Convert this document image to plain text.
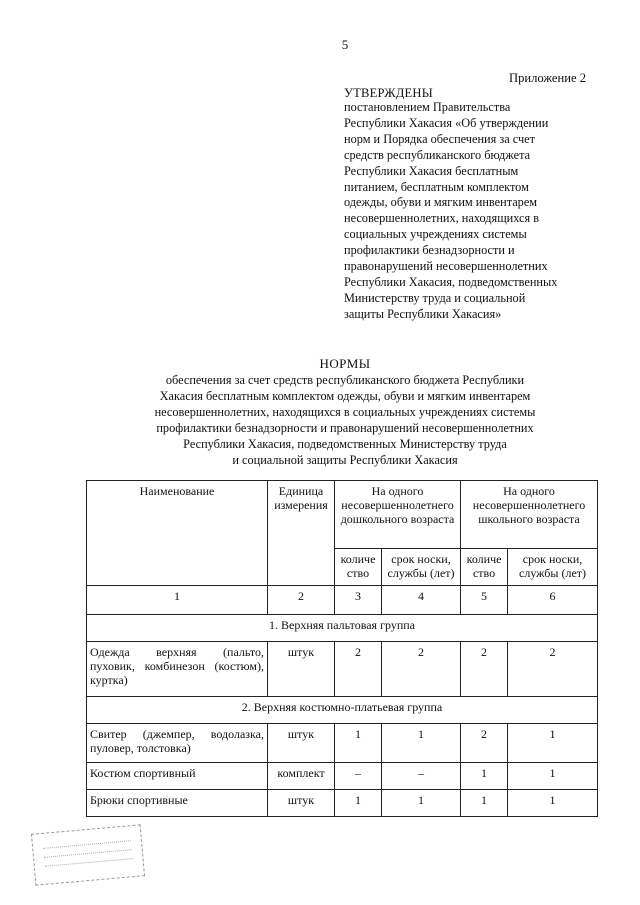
5
Приложение 2
УТВЕРЖДЕНЫ
постановлением Правительства
Республики Хакасия «Об утверждении
норм и Порядка обеспечения за счет
средств республиканского бюджета
Республики Хакасия бесплатным
питанием, бесплатным комплектом
одежды, обуви и мягким инвентарем
несовершеннолетних, находящихся в
социальных учреждениях системы
профилактики безнадзорности и
правонарушений несовершеннолетних
Республики Хакасия, подведомственных
Министерству труда и социальной
защиты Республики Хакасия»
НОРМЫ
обеспечения за счет средств республиканского бюджета Республики
Хакасия бесплатным комплектом одежды, обуви и мягким инвентарем
несовершеннолетних, находящихся в социальных учреждениях системы
профилактики безнадзорности и правонарушений несовершеннолетних
Республики Хакасия, подведомственных Министерству труда
и социальной защиты Республики Хакасия
Наименование	Единица измерения	На одного несовершеннолетнего дошкольного возраста		На одного несовершеннолетнего школьного возраста	
		количе ство	срок носки, службы (лет)	количе ство	срок носки, службы (лет)
1	2	3	4	5	6
1. Верхняя пальтовая группа					
Одежда верхняя (пальто, пуховик, комбинезон (костюм), куртка)	штук	2	2	2	2
2. Верхняя костюмно-платьевая группа					
Свитер (джемпер, водолазка, пуловер, толстовка)	штук	1	1	2	1
Костюм спортивный	комплект	–	–	1	1
Брюки спортивные	штук	1	1	1	1
